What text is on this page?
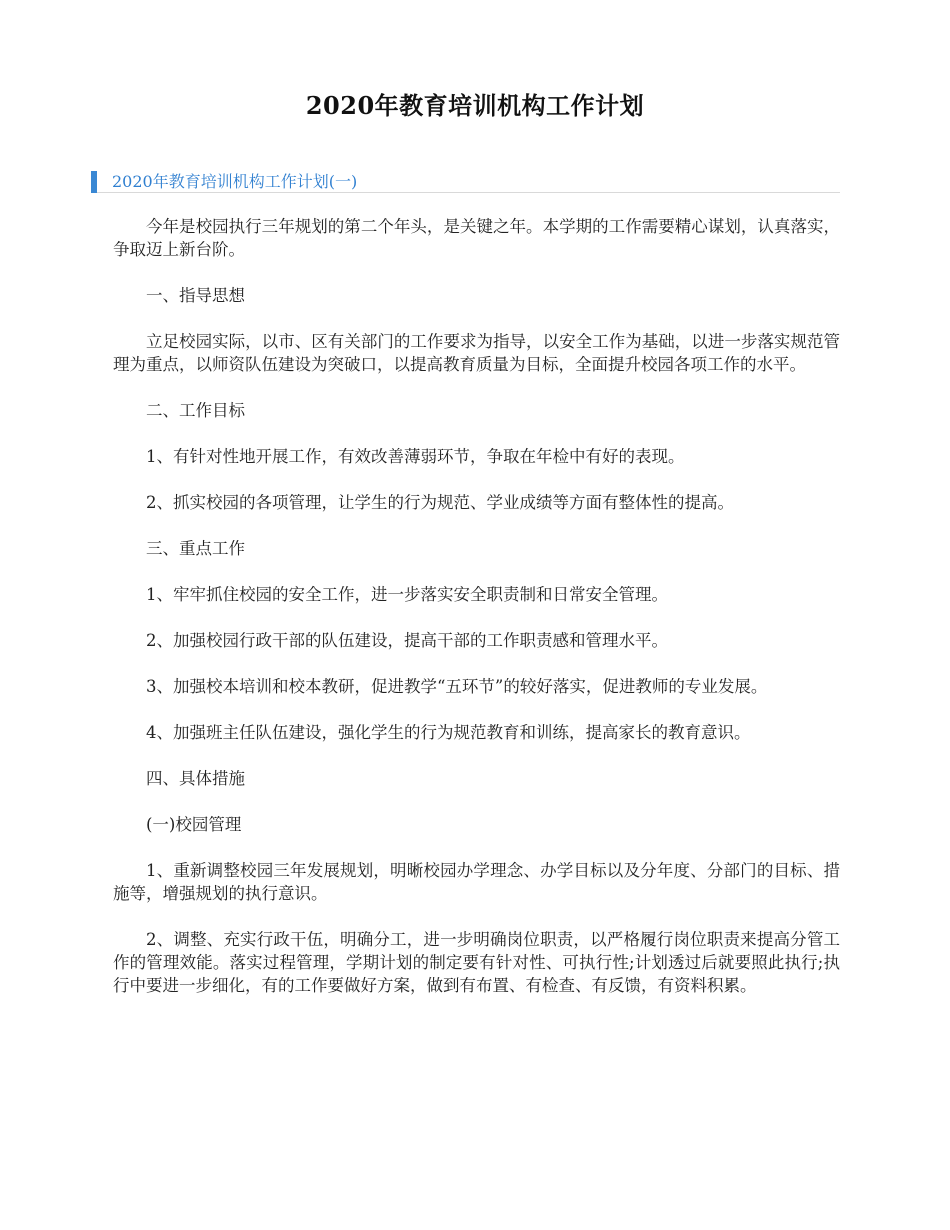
2020年教育培训机构工作计划
2020年教育培训机构工作计划(一)

今年是校园执行三年规划的第二个年头，是关键之年。本学期的工作需要精心谋划，认真落实，争取迈上新台阶。

一、指导思想

立足校园实际，以市、区有关部门的工作要求为指导，以安全工作为基础，以进一步落实规范管理为重点，以师资队伍建设为突破口，以提高教育质量为目标，全面提升校园各项工作的水平。

二、工作目标

1、有针对性地开展工作，有效改善薄弱环节，争取在年检中有好的表现。

2、抓实校园的各项管理，让学生的行为规范、学业成绩等方面有整体性的提高。

三、重点工作

1、牢牢抓住校园的安全工作，进一步落实安全职责制和日常安全管理。

2、加强校园行政干部的队伍建设，提高干部的工作职责感和管理水平。

3、加强校本培训和校本教研，促进教学“五环节”的较好落实，促进教师的专业发展。

4、加强班主任队伍建设，强化学生的行为规范教育和训练，提高家长的教育意识。

四、具体措施

(一)校园管理

1、重新调整校园三年发展规划，明晰校园办学理念、办学目标以及分年度、分部门的目标、措施等，增强规划的执行意识。

2、调整、充实行政干伍，明确分工，进一步明确岗位职责，以严格履行岗位职责来提高分管工作的管理效能。落实过程管理，学期计划的制定要有针对性、可执行性;计划透过后就要照此执行;执行中要进一步细化，有的工作要做好方案，做到有布置、有检查、有反馈，有资料积累。
